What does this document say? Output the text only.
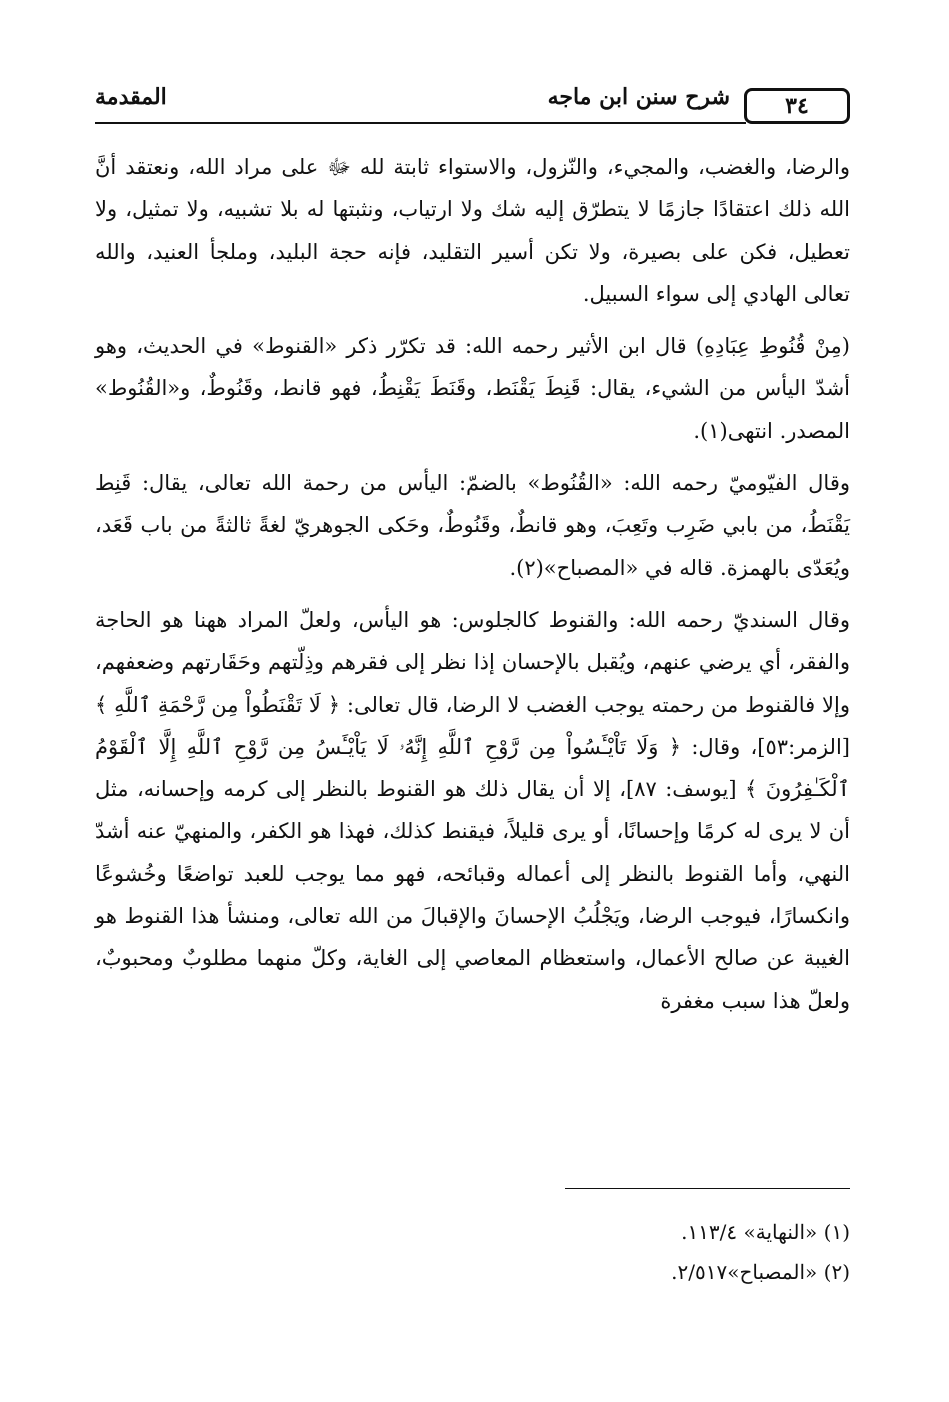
المقدمة	شرح سنن ابن ماجه	٣٤

والرضا، والغضب، والمجيء، والنّزول، والاستواء ثابتة لله ﷻ على مراد الله، ونعتقد أنَّ الله ذلك اعتقادًا جازمًا لا يتطرّق إليه شك ولا ارتياب، ونثبتها له بلا تشبيه، ولا تمثيل، ولا تعطيل، فكن على بصيرة، ولا تكن أسير التقليد، فإنه حجة البليد، وملجأ العنيد، والله تعالى الهادي إلى سواء السبيل.

(مِنْ قُنُوطِ عِبَادِهِ) قال ابن الأثير رحمه الله: قد تكرّر ذكر «القنوط» في الحديث، وهو أشدّ اليأس من الشيء، يقال: قَنِطَ يَقْنَط، وقَنَطَ يَقْنِطُ، فهو قانط، وقَنُوطٌ، و«القُنُوط» المصدر. انتهى(١).

وقال الفيّوميّ رحمه الله: «القُنُوط» بالضمّ: اليأس من رحمة الله تعالى، يقال: قَنِط يَقْنَطُ، من بابي ضَرِب وتَعِبَ، وهو قانطٌ، وقَنُوطٌ، وحَكى الجوهريّ لغةً ثالثةً من باب قَعَد، ويُعَدّى بالهمزة. قاله في «المصباح»(٢).

وقال السنديّ رحمه الله: والقنوط كالجلوس: هو اليأس، ولعلّ المراد ههنا هو الحاجة والفقر، أي يرضي عنهم، ويُقبل بالإحسان إذا نظر إلى فقرهم وذِلّتهم وحَقَارتهم وضعفهم، وإلا فالقنوط من رحمته يوجب الغضب لا الرضا، قال تعالى: ﴿ لَا تَقْنَطُواْ مِن رَّحْمَةِ ٱللَّهِ ﴾ [الزمر:٥٣]، وقال: ﴿ وَلَا تَاْيْـَٔسُواْ مِن رَّوْحِ ٱللَّهِ إِنَّهُۥ لَا يَاْيْـَٔسُ مِن رَّوْحِ ٱللَّهِ إِلَّا ٱلْقَوْمُ ٱلْكَـٰفِرُونَ ﴾ [يوسف: ٨٧]، إلا أن يقال ذلك هو القنوط بالنظر إلى كرمه وإحسانه، مثل أن لا يرى له كرمًا وإحسانًا، أو يرى قليلاً، فيقنط كذلك، فهذا هو الكفر، والمنهيّ عنه أشدّ النهي، وأما القنوط بالنظر إلى أعماله وقبائحه، فهو مما يوجب للعبد تواضعًا وخُشوعًا وانكسارًا، فيوجب الرضا، ويَجْلُبُ الإحسانَ والإقبالَ من الله تعالى، ومنشأ هذا القنوط هو الغيبة عن صالح الأعمال، واستعظام المعاصي إلى الغاية، وكلّ منهما مطلوبٌ ومحبوبٌ، ولعلّ هذا سبب مغفرة

(١) «النهاية» ١١٣/٤.
(٢) «المصباح»٢/٥١٧.
